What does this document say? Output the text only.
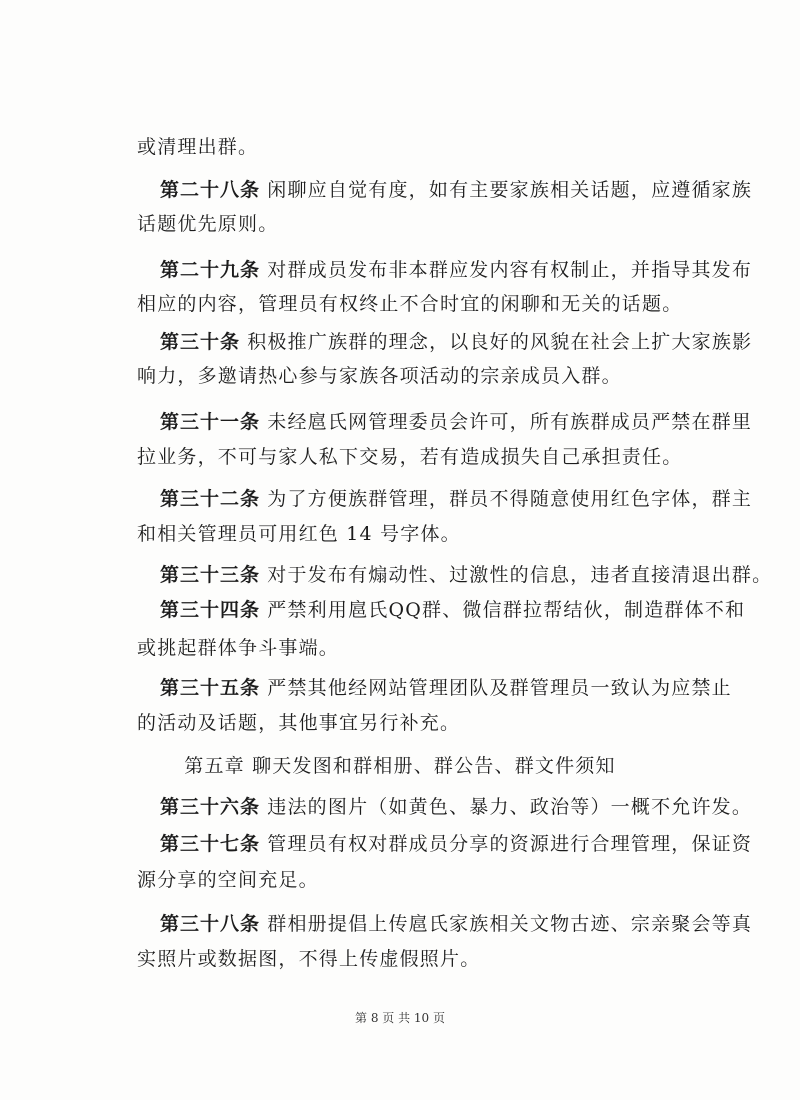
或清理出群。
第二十八条 闲聊应自觉有度，如有主要家族相关话题，应遵循家族
话题优先原则。
第二十九条 对群成员发布非本群应发内容有权制止，并指导其发布
相应的内容，管理员有权终止不合时宜的闲聊和无关的话题。
第三十条 积极推广族群的理念，以良好的风貌在社会上扩大家族影
响力，多邀请热心参与家族各项活动的宗亲成员入群。
第三十一条 未经扈氏网管理委员会许可，所有族群成员严禁在群里
拉业务，不可与家人私下交易，若有造成损失自己承担责任。
第三十二条 为了方便族群管理，群员不得随意使用红色字体，群主
和相关管理员可用红色 14 号字体。
第三十三条 对于发布有煽动性、过激性的信息，违者直接清退出群。
第三十四条 严禁利用扈氏QQ群、微信群拉帮结伙，制造群体不和
或挑起群体争斗事端。
第三十五条 严禁其他经网站管理团队及群管理员一致认为应禁止
的活动及话题，其他事宜另行补充。
第五章 聊天发图和群相册、群公告、群文件须知
第三十六条 违法的图片（如黄色、暴力、政治等）一概不允许发。
第三十七条 管理员有权对群成员分享的资源进行合理管理，保证资
源分享的空间充足。
第三十八条 群相册提倡上传扈氏家族相关文物古迹、宗亲聚会等真
实照片或数据图，不得上传虚假照片。
第 8 页 共 10 页
